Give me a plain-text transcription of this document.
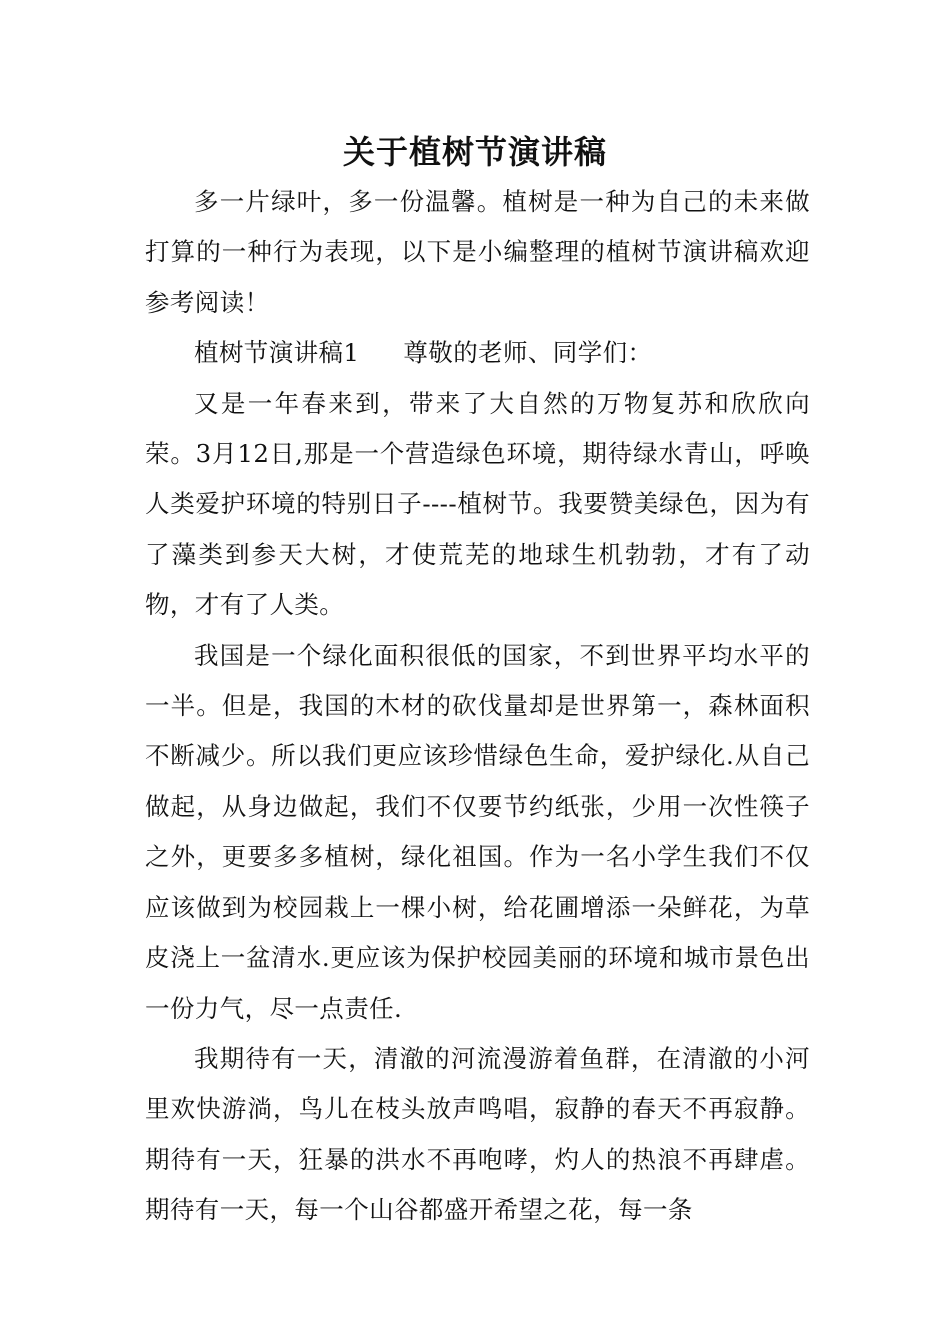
关于植树节演讲稿

多一片绿叶，多一份温馨。植树是一种为自己的未来做打算的一种行为表现，以下是小编整理的植树节演讲稿欢迎参考阅读！

植树节演讲稿1 尊敬的老师、同学们：

又是一年春来到，带来了大自然的万物复苏和欣欣向荣。3月12日,那是一个营造绿色环境，期待绿水青山，呼唤人类爱护环境的特别日子----植树节。我要赞美绿色，因为有了藻类到参天大树，才使荒芜的地球生机勃勃，才有了动物，才有了人类。

我国是一个绿化面积很低的国家，不到世界平均水平的一半。但是，我国的木材的砍伐量却是世界第一，森林面积不断减少。所以我们更应该珍惜绿色生命，爱护绿化.从自己做起，从身边做起，我们不仅要节约纸张，少用一次性筷子之外，更要多多植树，绿化祖国。作为一名小学生我们不仅应该做到为校园栽上一棵小树，给花圃增添一朵鲜花，为草皮浇上一盆清水.更应该为保护校园美丽的环境和城市景色出一份力气，尽一点责任.

我期待有一天，清澈的河流漫游着鱼群，在清澈的小河里欢快游淌，鸟儿在枝头放声鸣唱，寂静的春天不再寂静。期待有一天，狂暴的洪水不再咆哮，灼人的热浪不再肆虐。期待有一天，每一个山谷都盛开希望之花，每一条
